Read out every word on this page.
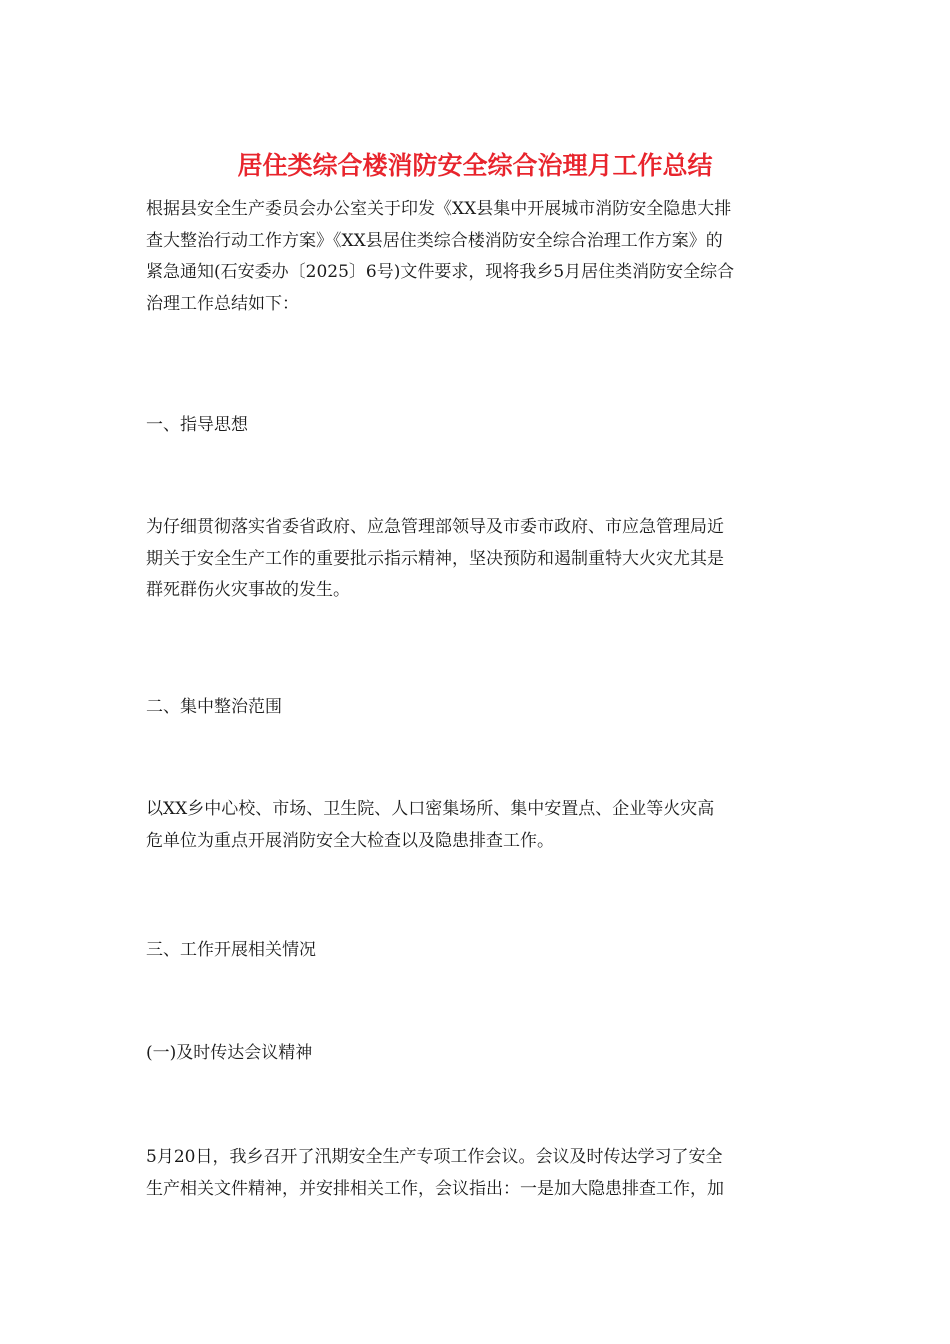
居住类综合楼消防安全综合治理月工作总结
根据县安全生产委员会办公室关于印发《XX县集中开展城市消防安全隐患大排
查大整治行动工作方案》《XX县居住类综合楼消防安全综合治理工作方案》的
紧急通知(石安委办〔2025〕6号)文件要求，现将我乡5月居住类消防安全综合
治理工作总结如下：
一、指导思想
为仔细贯彻落实省委省政府、应急管理部领导及市委市政府、市应急管理局近
期关于安全生产工作的重要批示指示精神，坚决预防和遏制重特大火灾尤其是
群死群伤火灾事故的发生。
二、集中整治范围
以XX乡中心校、市场、卫生院、人口密集场所、集中安置点、企业等火灾高
危单位为重点开展消防安全大检查以及隐患排查工作。
三、工作开展相关情况
(一)及时传达会议精神
5月20日，我乡召开了汛期安全生产专项工作会议。会议及时传达学习了安全
生产相关文件精神，并安排相关工作，会议指出：一是加大隐患排查工作，加
